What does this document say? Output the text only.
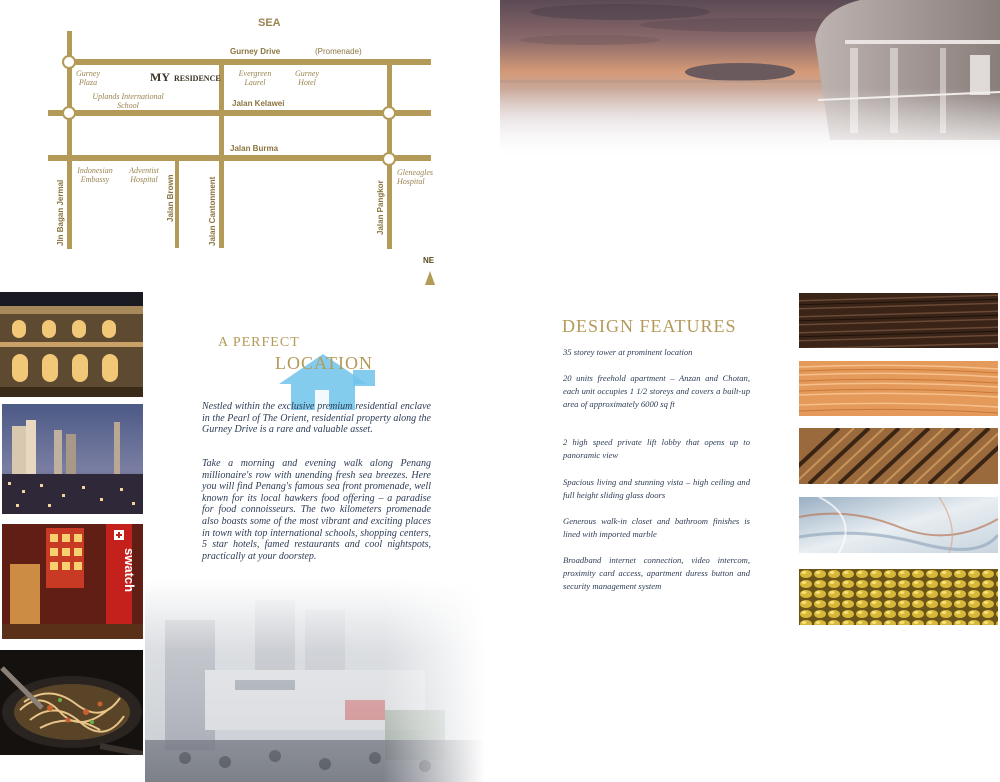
SEA
Gurney Drive	(Promenade)
Jalan Kelawei
Jalan Burma
Jln Bagan Jermal	Jalan Brown	Jalan Cantonment	Jalan Pangkor
MY RESIDENCE
Gurney Plaza
Evergreen Laurel
Gurney Hotel
Uplands International School
Indonesian Embassy
Adventist Hospital
Gleneagles Hospital
NE
swatch
A PERFECT
LOCATION

Nestled within the exclusive premium residential enclave in the Pearl of The Orient, residential property along the Gurney Drive is a rare and valuable asset.

Take a morning and evening walk along Penang millionaire's row with unending fresh sea breezes. Here you will find Penang's famous sea front promenade, well known for its local hawkers food offering – a paradise for food connoisseurs. The two kilometers promenade also boasts some of the most vibrant and exciting places in town with top international schools, shopping centers, 5 star hotels, famed restaurants and cool nightspots, practically at your doorstep.

DESIGN FEATURES

35 storey tower at prominent location

20 units freehold apartment – Anzan and Chotan, each unit occupies 1 1/2 storeys and covers a built-up area of approximately 6000 sq ft

2 high speed private lift lobby that opens up to panoramic view

Spacious living and stunning vista – high ceiling and full height sliding glass doors

Generous walk-in closet and bathroom finishes is lined with imported marble

Broadband internet connection, video intercom, proximity card access, apartment duress button and security management system
